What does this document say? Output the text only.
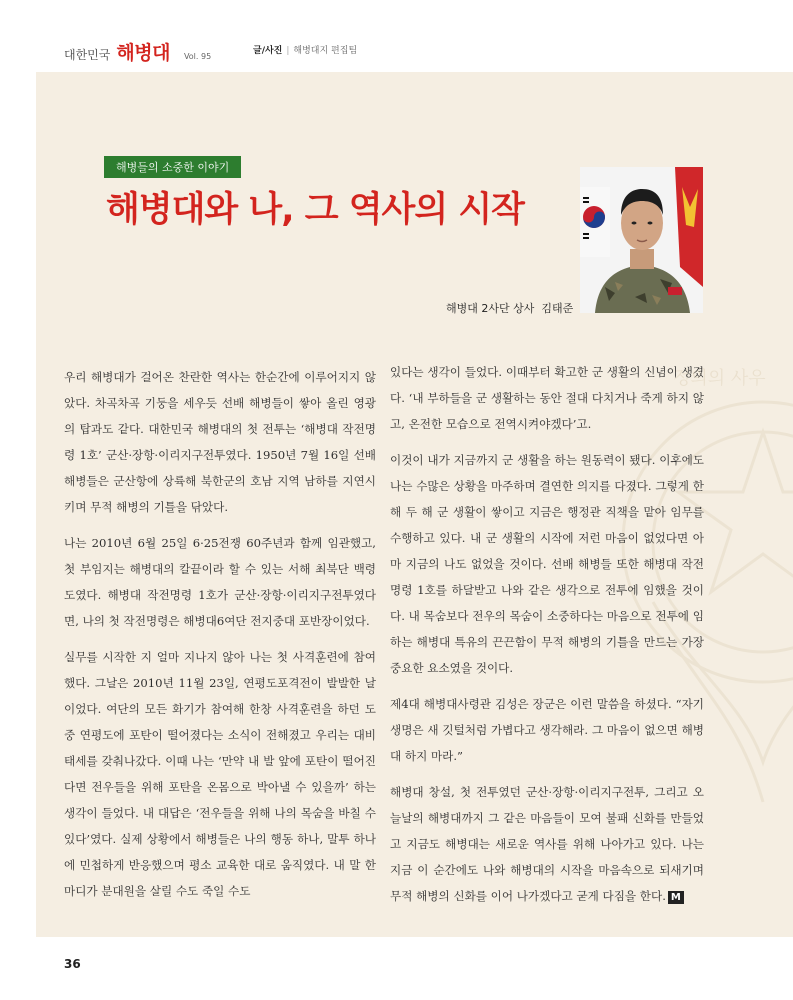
대한민국 해병대 Vol. 95
글/사진 | 해병대지 편집팀
정의의 사우
해병들의 소중한 이야기
해병대와 나, 그 역사의 시작
해병대 2사단 상사 김태준

우리 해병대가 걸어온 찬란한 역사는 한순간에 이루어지지 않았다. 차곡차곡 기둥을 세우듯 선배 해병들이 쌓아 올린 영광의 탑과도 같다. 대한민국 해병대의 첫 전투는 ‘해병대 작전명령 1호’ 군산·장항·이리지구전투였다. 1950년 7월 16일 선배 해병들은 군산항에 상륙해 북한군의 호남 지역 남하를 지연시키며 무적 해병의 기틀을 닦았다.

나는 2010년 6월 25일 6·25전쟁 60주년과 함께 임관했고, 첫 부임지는 해병대의 칼끝이라 할 수 있는 서해 최북단 백령도였다. 해병대 작전명령 1호가 군산·장항·이리지구전투였다면, 나의 첫 작전명령은 해병대6여단 전지중대 포반장이었다.

실무를 시작한 지 얼마 지나지 않아 나는 첫 사격훈련에 참여했다. 그날은 2010년 11월 23일, 연평도포격전이 발발한 날이었다. 여단의 모든 화기가 참여해 한창 사격훈련을 하던 도중 연평도에 포탄이 떨어졌다는 소식이 전해졌고 우리는 대비태세를 갖춰나갔다. 이때 나는 ‘만약 내 발 앞에 포탄이 떨어진다면 전우들을 위해 포탄을 온몸으로 박아낼 수 있을까’ 하는 생각이 들었다. 내 대답은 ‘전우들을 위해 나의 목숨을 바칠 수 있다’였다. 실제 상황에서 해병들은 나의 행동 하나, 말투 하나에 민첩하게 반응했으며 평소 교육한 대로 움직였다. 내 말 한마디가 분대원을 살릴 수도 죽일 수도

있다는 생각이 들었다. 이때부터 확고한 군 생활의 신념이 생겼다. ‘내 부하들을 군 생활하는 동안 절대 다치거나 죽게 하지 않고, 온전한 모습으로 전역시켜야겠다’고.

이것이 내가 지금까지 군 생활을 하는 원동력이 됐다. 이후에도 나는 수많은 상황을 마주하며 결연한 의지를 다졌다. 그렇게 한 해 두 해 군 생활이 쌓이고 지금은 행정관 직책을 맡아 임무를 수행하고 있다. 내 군 생활의 시작에 저런 마음이 없었다면 아마 지금의 나도 없었을 것이다. 선배 해병들 또한 해병대 작전명령 1호를 하달받고 나와 같은 생각으로 전투에 임했을 것이다. 내 목숨보다 전우의 목숨이 소중하다는 마음으로 전투에 임하는 해병대 특유의 끈끈함이 무적 해병의 기틀을 만드는 가장 중요한 요소였을 것이다.

제4대 해병대사령관 김성은 장군은 이런 말씀을 하셨다. “자기 생명은 새 깃털처럼 가볍다고 생각해라. 그 마음이 없으면 해병대 하지 마라.”

해병대 창설, 첫 전투였던 군산·장항·이리지구전투, 그리고 오늘날의 해병대까지 그 같은 마음들이 모여 불패 신화를 만들었고 지금도 해병대는 새로운 역사를 위해 나아가고 있다. 나는 지금 이 순간에도 나와 해병대의 시작을 마음속으로 되새기며 무적 해병의 신화를 이어 나가겠다고 굳게 다짐을 한다. M

36
